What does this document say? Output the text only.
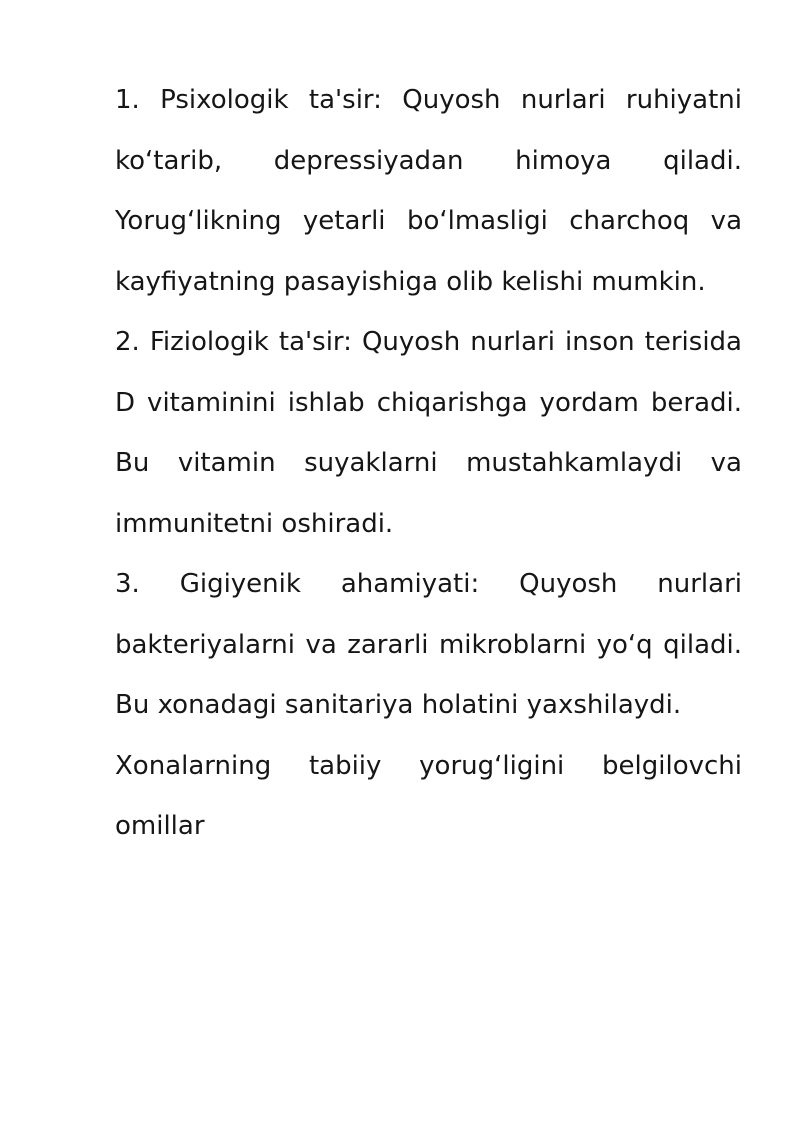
1. Psixologik ta'sir: Quyosh nurlari ruhiyatni ko‘tarib, depressiyadan himoya qiladi. Yorug‘likning yetarli bo‘lmasligi charchoq va kayfiyatning pasayishiga olib kelishi mumkin.

2. Fiziologik ta'sir: Quyosh nurlari inson terisida D vitaminini ishlab chiqarishga yordam beradi. Bu vitamin suyaklarni mustahkamlaydi va immunitetni oshiradi.

3. Gigiyenik ahamiyati: Quyosh nurlari bakteriyalarni va zararli mikroblarni yo‘q qiladi. Bu xonadagi sanitariya holatini yaxshilaydi.

Xonalarning tabiiy yorug‘ligini belgilovchi omillar
